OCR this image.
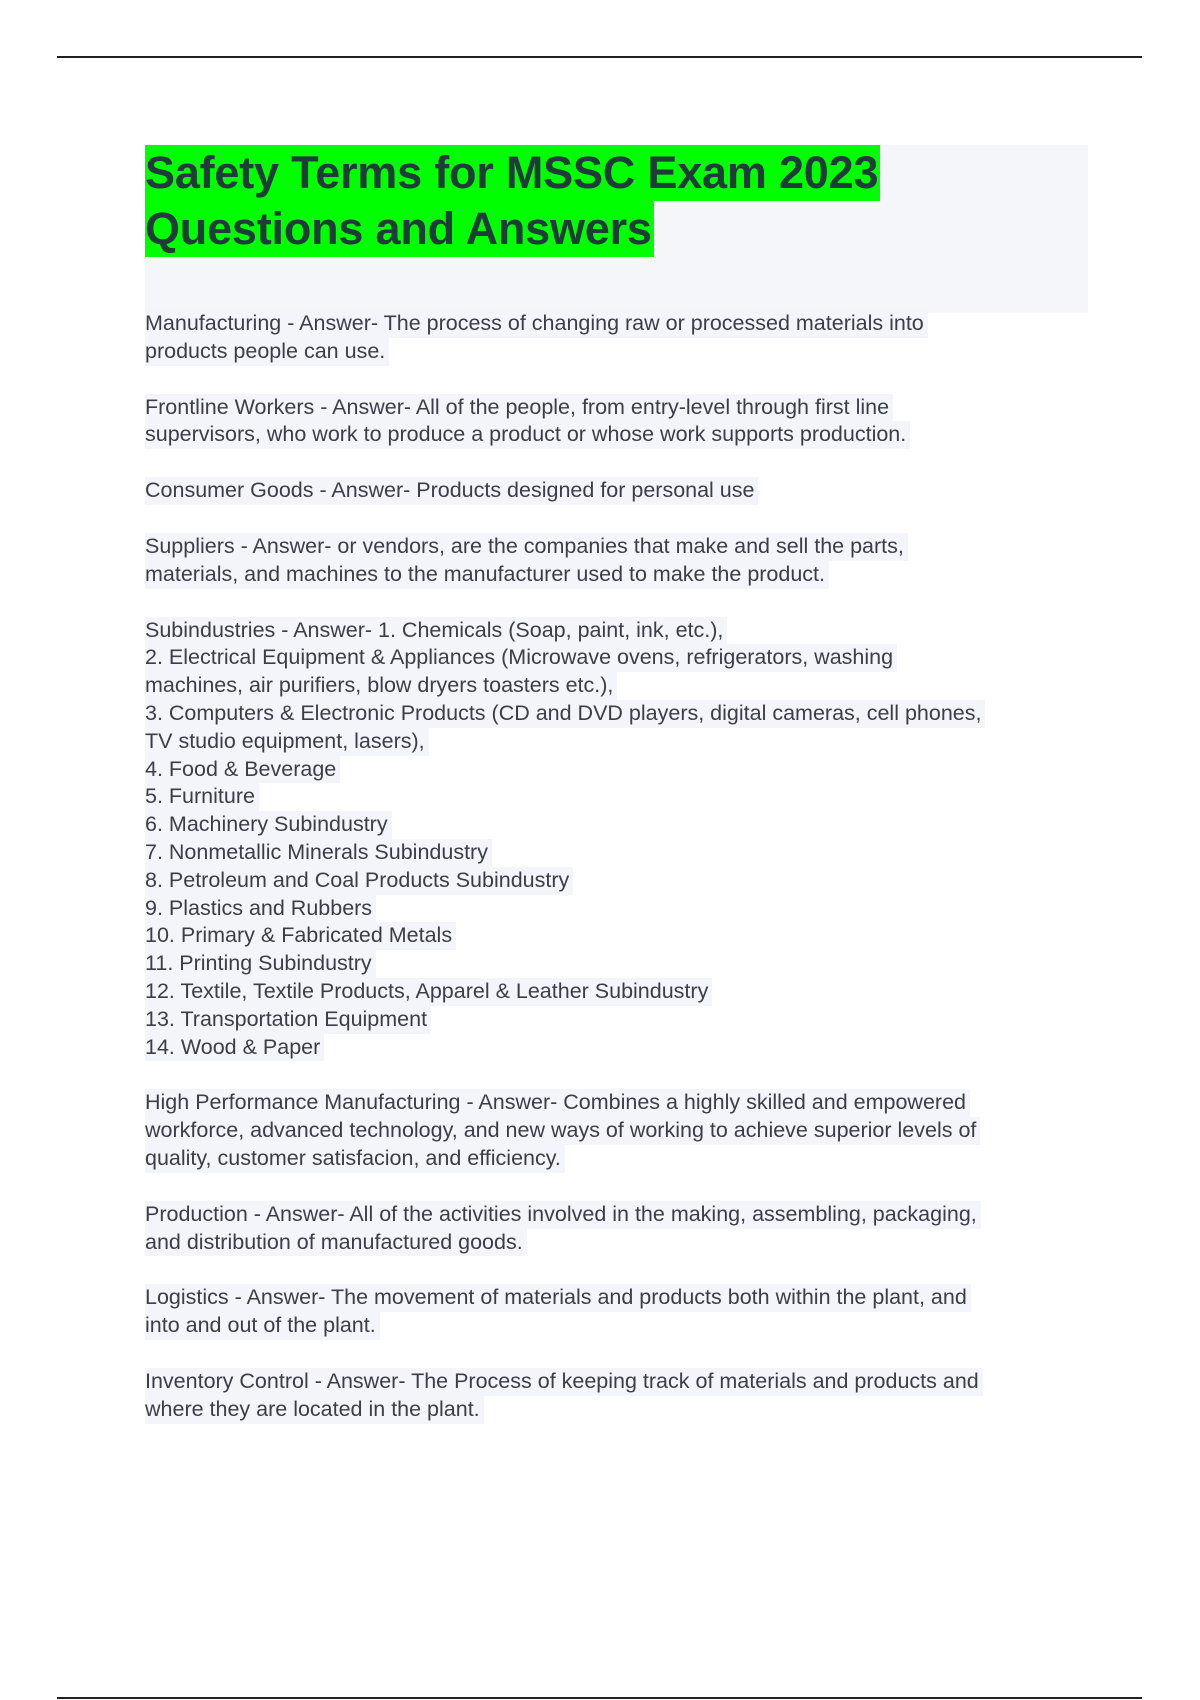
Safety Terms for MSSC Exam 2023
Questions and Answers
Manufacturing - Answer- The process of changing raw or processed materials into
products people can use.
Frontline Workers - Answer- All of the people, from entry-level through first line
supervisors, who work to produce a product or whose work supports production.
Consumer Goods - Answer- Products designed for personal use
Suppliers - Answer- or vendors, are the companies that make and sell the parts,
materials, and machines to the manufacturer used to make the product.
Subindustries - Answer- 1. Chemicals (Soap, paint, ink, etc.),
2. Electrical Equipment & Appliances (Microwave ovens, refrigerators, washing
machines, air purifiers, blow dryers toasters etc.),
3. Computers & Electronic Products (CD and DVD players, digital cameras, cell phones,
TV studio equipment, lasers),
4. Food & Beverage
5. Furniture
6. Machinery Subindustry
7. Nonmetallic Minerals Subindustry
8. Petroleum and Coal Products Subindustry
9. Plastics and Rubbers
10. Primary & Fabricated Metals
11. Printing Subindustry
12. Textile, Textile Products, Apparel & Leather Subindustry
13. Transportation Equipment
14. Wood & Paper
High Performance Manufacturing - Answer- Combines a highly skilled and empowered
workforce, advanced technology, and new ways of working to achieve superior levels of
quality, customer satisfacion, and efficiency.
Production - Answer- All of the activities involved in the making, assembling, packaging,
and distribution of manufactured goods.
Logistics - Answer- The movement of materials and products both within the plant, and
into and out of the plant.
Inventory Control - Answer- The Process of keeping track of materials and products and
where they are located in the plant.
